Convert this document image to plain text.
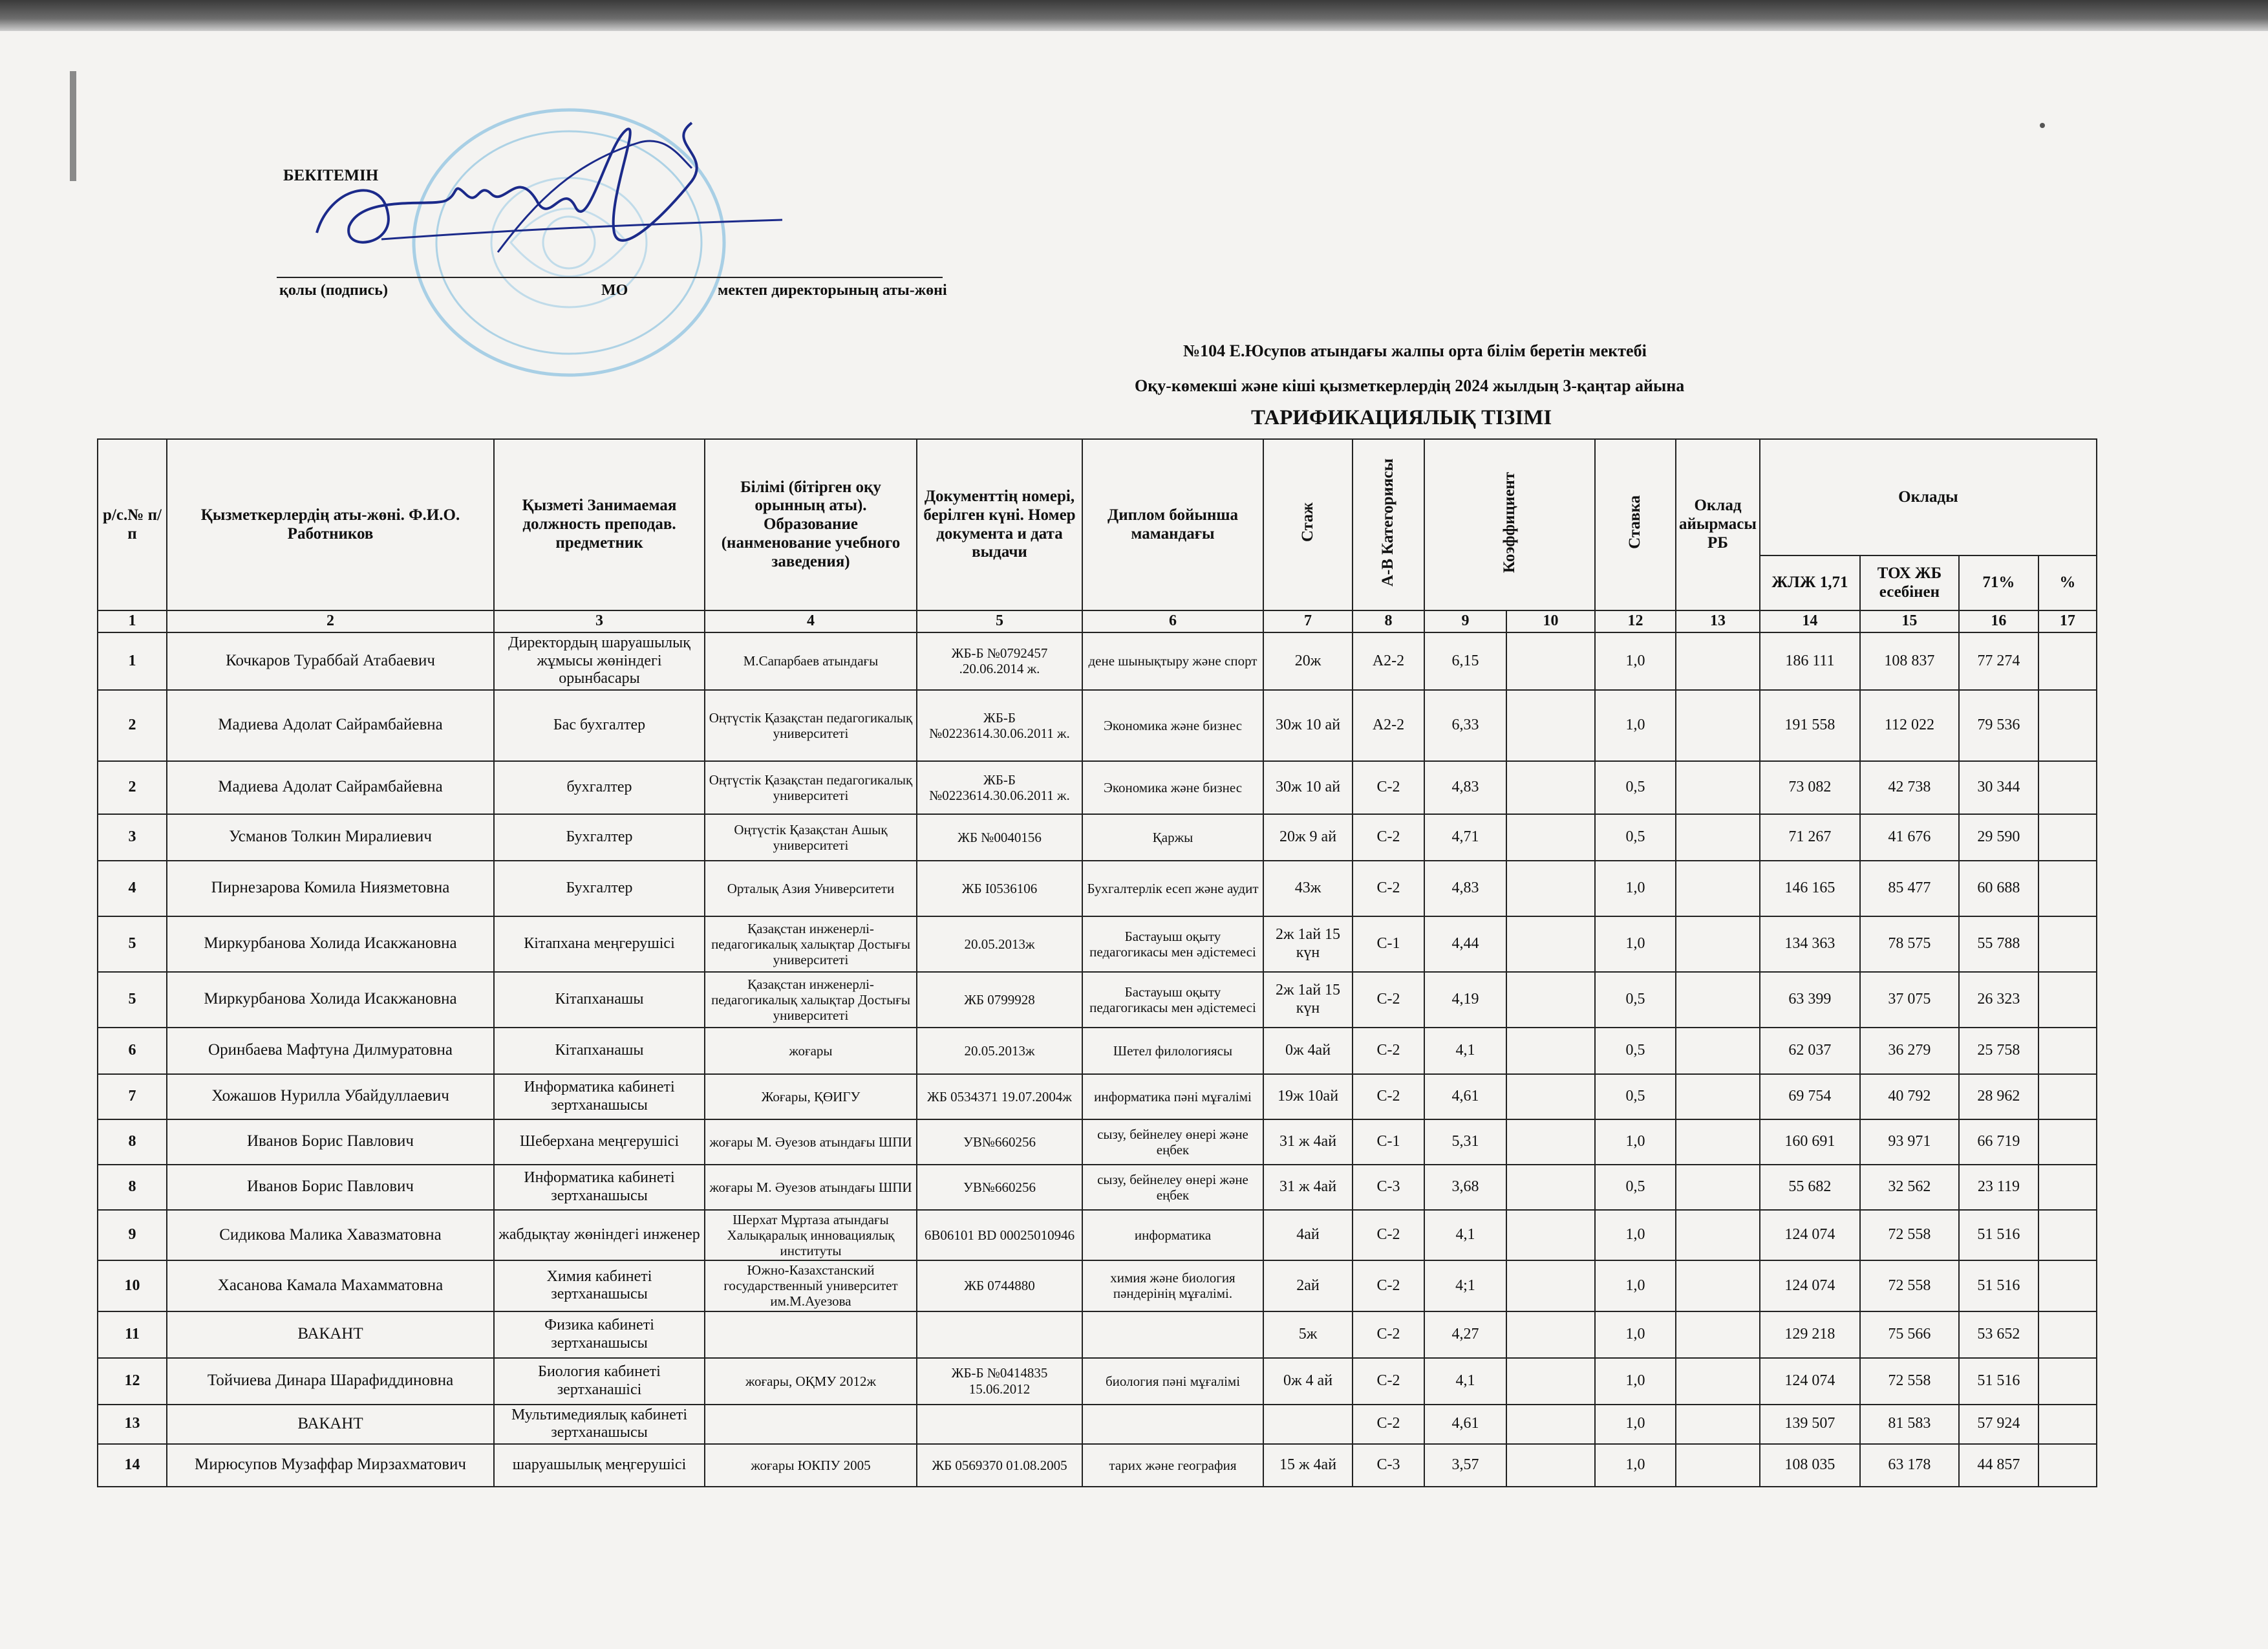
БЕКІТЕМІН
қолы (подпись)	МО	мектеп директорының аты-жөні
№104 Е.Юсупов атындағы жалпы орта білім беретін мектебі
Оқу-көмекші және кіші қызметкерлердің 2024 жылдың 3-қаңтар айына
ТАРИФИКАЦИЯЛЫҚ ТІЗІМІ
р/с.№ п/п	Қызметкерлердің аты-жөні. Ф.И.О. Работников	Қызметі Занимаемая должность преподав. предметник	Білімі (бітірген оқу орынның аты). Образование (нанменование учебного заведения)	Документтің номері, берілген күні. Номер документа и дата выдачи	Диплом бойынша мамандағы	Стаж	А-В Категориясы	Коэффициент		Ставка	Оклад айырмасы РБ	Оклады			
												ЖЛЖ 1,71	ТОХ ЖБ есебінен	71%	%
1	2	3	4	5	6	7	8	9	10	12	13	14	15	16	17
1	Кочкаров Тураббай Атабаевич	Директордың шаруашылық жұмысы жөніндегі орынбасары	М.Сапарбаев атындағы	ЖБ-Б №0792457 .20.06.2014 ж.	дене шынықтыру және спорт	20ж	А2-2	6,15		1,0		186 111	108 837	77 274	
2	Мадиева Адолат Сайрамбайевна	Бас бухгалтер	Оңтүстік Қазақстан педагогикалық университеті	ЖБ-Б №0223614.30.06.2011 ж.	Экономика және бизнес	30ж 10 ай	А2-2	6,33		1,0		191 558	112 022	79 536	
2	Мадиева Адолат Сайрамбайевна	бухгалтер	Оңтүстік Қазақстан педагогикалық университеті	ЖБ-Б №0223614.30.06.2011 ж.	Экономика және бизнес	30ж 10 ай	С-2	4,83		0,5		73 082	42 738	30 344	
3	Усманов Толкин Миралиевич	Бухгалтер	Оңтүстік Қазақстан Ашық университеті	ЖБ №0040156	Қаржы	20ж 9 ай	С-2	4,71		0,5		71 267	41 676	29 590	
4	Пирнезарова Комила Ниязметовна	Бухгалтер	Орталық Азия Университети	ЖБ I0536106	Бухгалтерлік есеп және аудит	43ж	С-2	4,83		1,0		146 165	85 477	60 688	
5	Миркурбанова Холида Исакжановна	Кітапхана меңгерушісі	Қазақстан инженерлі-педагогикалық халықтар Достығы университеті	20.05.2013ж	Бастауыш оқыту педагогикасы мен әдістемесі	2ж 1ай 15 күн	С-1	4,44		1,0		134 363	78 575	55 788	
5	Миркурбанова Холида Исакжановна	Кітапханашы	Қазақстан инженерлі-педагогикалық халықтар Достығы университеті	ЖБ 0799928	Бастауыш оқыту педагогикасы мен әдістемесі	2ж 1ай 15 күн	С-2	4,19		0,5		63 399	37 075	26 323	
6	Оринбаева Мафтуна Дилмуратовна	Кітапханашы	жоғары	20.05.2013ж	Шетел филологиясы	0ж 4ай	С-2	4,1		0,5		62 037	36 279	25 758	
7	Хожашов Нурилла Убайдуллаевич	Информатика кабинеті зертханашысы	Жоғары, ҚӨИГУ	ЖБ 0534371 19.07.2004ж	информатика пәні мұғалімі	19ж 10ай	С-2	4,61		0,5		69 754	40 792	28 962	
8	Иванов Борис Павлович	Шеберхана меңгерушісі	жоғары М. Әуезов атындағы ШПИ	УВ№660256	сызу, бейнелеу өнері және еңбек	31 ж 4ай	С-1	5,31		1,0		160 691	93 971	66 719	
8	Иванов Борис Павлович	Информатика кабинеті зертханашысы	жоғары М. Әуезов атындағы ШПИ	УВ№660256	сызу, бейнелеу өнері және еңбек	31 ж 4ай	С-3	3,68		0,5		55 682	32 562	23 119	
9	Сидикова Малика Хавазматовна	жабдықтау жөніндегі инженер	Шерхат Мұртаза атындағы Халықаралық инновациялық институты	6В06101 BD 00025010946	информатика	4ай	С-2	4,1		1,0		124 074	72 558	51 516	
10	Хасанова Камала Махамматовна	Химия кабинеті зертханашысы	Южно-Казахстанский государственный университет им.М.Ауезова	ЖБ 0744880	химия және биология пәндерінің мұғалімі.	2ай	С-2	4;1		1,0		124 074	72 558	51 516	
11	ВАКАНТ	Физика кабинеті зертханашысы				5ж	С-2	4,27		1,0		129 218	75 566	53 652	
12	Тойчиева Динара Шарафиддиновна	Биология кабинеті зертханашісі	жоғары, ОҚМУ 2012ж	ЖБ-Б №0414835 15.06.2012	биология пәні мұғалімі	0ж 4 ай	С-2	4,1		1,0		124 074	72 558	51 516	
13	ВАКАНТ	Мультимедиялық кабинеті зертханашысы					С-2	4,61		1,0		139 507	81 583	57 924	
14	Мирюсупов Музаффар Мирзахматович	шаруашылық меңгерушісі	жоғары ЮКПУ 2005	ЖБ 0569370 01.08.2005	тарих және география	15 ж 4ай	С-3	3,57		1,0		108 035	63 178	44 857	
